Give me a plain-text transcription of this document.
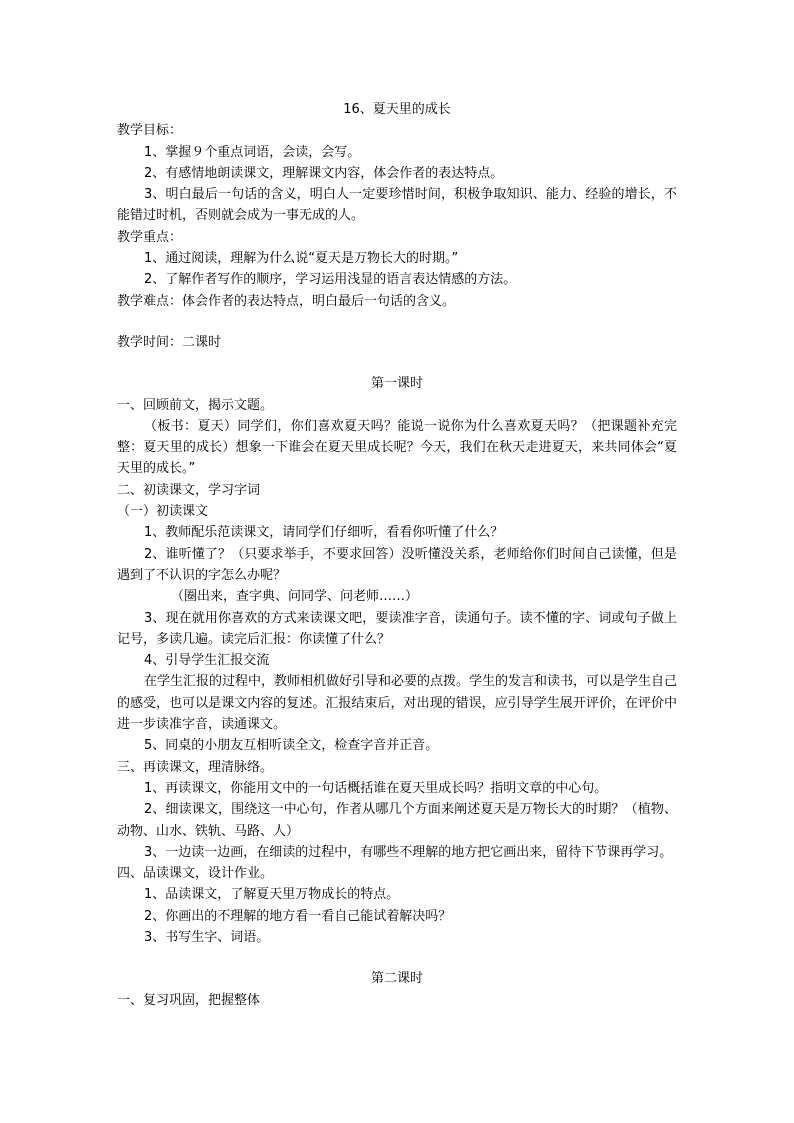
16、夏天里的成长
教学目标：
1、掌握９个重点词语，会读，会写。
2、有感情地朗读课文，理解课文内容，体会作者的表达特点。
3、明白最后一句话的含义，明白人一定要珍惜时间，积极争取知识、能力、经验的增长，不能错过时机，否则就会成为一事无成的人。
教学重点：
1、通过阅读，理解为什么说“夏天是万物长大的时期。”
2、了解作者写作的顺序，学习运用浅显的语言表达情感的方法。
教学难点：体会作者的表达特点，明白最后一句话的含义。
教学时间：二课时
第一课时
一、回顾前文，揭示文题。
（板书：夏天）同学们，你们喜欢夏天吗？能说一说你为什么喜欢夏天吗？（把课题补充完整：夏天里的成长）想象一下谁会在夏天里成长呢？今天，我们在秋天走进夏天，来共同体会“夏天里的成长。”
二、初读课文，学习字词
（一）初读课文
1、教师配乐范读课文，请同学们仔细听，看看你听懂了什么？
2、谁听懂了？（只要求举手，不要求回答）没听懂没关系，老师给你们时间自己读懂，但是遇到了不认识的字怎么办呢？
（圈出来，查字典、问同学、问老师……）
3、现在就用你喜欢的方式来读课文吧，要读准字音，读通句子。读不懂的字、词或句子做上记号，多读几遍。读完后汇报：你读懂了什么？
4、引导学生汇报交流
在学生汇报的过程中，教师相机做好引导和必要的点拨。学生的发言和读书，可以是学生自己的感受，也可以是课文内容的复述。汇报结束后，对出现的错误，应引导学生展开评价，在评价中进一步读准字音，读通课文。
5、同桌的小朋友互相听读全文，检查字音并正音。
三、再读课文，理清脉络。
1、再读课文，你能用文中的一句话概括谁在夏天里成长吗？指明文章的中心句。
2、细读课文，围绕这一中心句，作者从哪几个方面来阐述夏天是万物长大的时期？（植物、动物、山水、铁轨、马路、人）
3、一边读一边画，在细读的过程中，有哪些不理解的地方把它画出来，留待下节课再学习。
四、品读课文，设计作业。
1、品读课文，了解夏天里万物成长的特点。
2、你画出的不理解的地方看一看自己能试着解决吗？
3、书写生字、词语。
第二课时
一、复习巩固，把握整体
